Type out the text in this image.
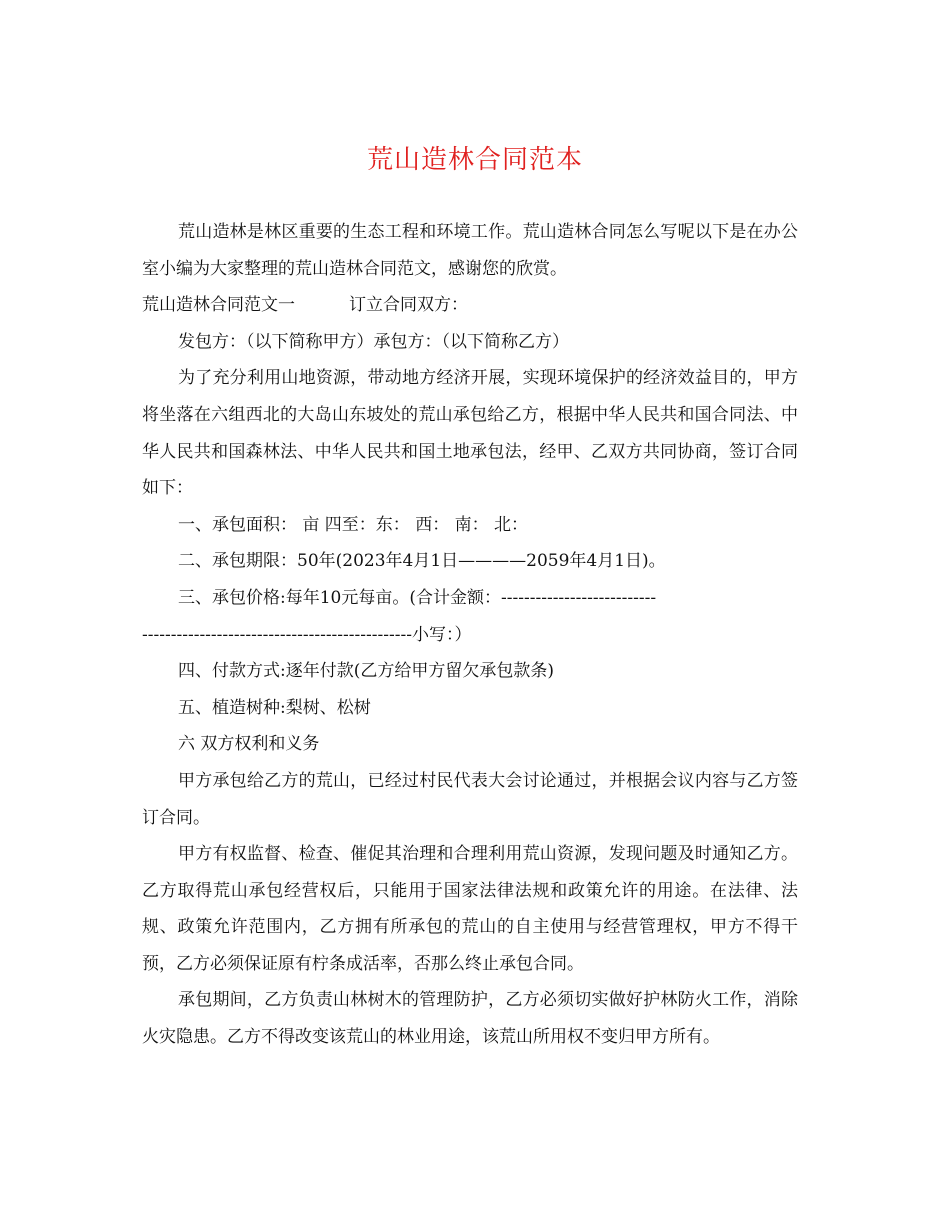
荒山造林合同范本

荒山造林是林区重要的生态工程和环境工作。荒山造林合同怎么写呢以下是在办公室小编为大家整理的荒山造林合同范文，感谢您的欣赏。

荒山造林合同范文一	订立合同双方：

发包方：（以下简称甲方）承包方：（以下简称乙方）

为了充分利用山地资源，带动地方经济开展，实现环境保护的经济效益目的，甲方将坐落在六组西北的大岛山东坡处的荒山承包给乙方，根据中华人民共和国合同法、中华人民共和国森林法、中华人民共和国土地承包法，经甲、乙双方共同协商，签订合同如下：

一、承包面积： 亩 四至：东： 西： 南： 北：

二、承包期限：50年(2023年4月1日————2059年4月1日)。

三、承包价格:每年10元每亩。(合计金额：---------------------------

-----------------------------------------------小写：）

四、付款方式:逐年付款(乙方给甲方留欠承包款条)

五、植造树种:梨树、松树

六 双方权利和义务

甲方承包给乙方的荒山，已经过村民代表大会讨论通过，并根据会议内容与乙方签订合同。

甲方有权监督、检查、催促其治理和合理利用荒山资源，发现问题及时通知乙方。乙方取得荒山承包经营权后，只能用于国家法律法规和政策允许的用途。在法律、法规、政策允许范围内，乙方拥有所承包的荒山的自主使用与经营管理权，甲方不得干预，乙方必须保证原有柠条成活率，否那么终止承包合同。

承包期间，乙方负责山林树木的管理防护，乙方必须切实做好护林防火工作，消除火灾隐患。乙方不得改变该荒山的林业用途，该荒山所用权不变归甲方所有。
